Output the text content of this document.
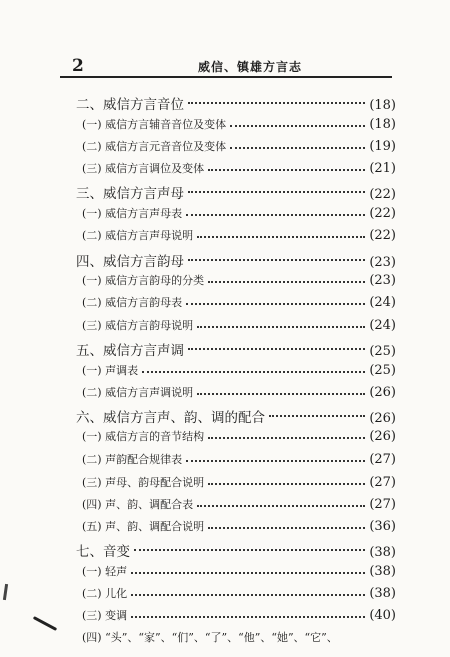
2	威信、镇雄方言志
二、威信方言音位	(18)
(一) 威信方言辅音音位及变体	(18)
(二) 威信方言元音音位及变体	(19)
(三) 威信方言调位及变体	(21)
三、威信方言声母	(22)
(一) 威信方言声母表	(22)
(二) 威信方言声母说明	(22)
四、威信方言韵母	(23)
(一) 威信方言韵母的分类	(23)
(二) 威信方言韵母表	(24)
(三) 威信方言韵母说明	(24)
五、威信方言声调	(25)
(一) 声调表	(25)
(二) 威信方言声调说明	(26)
六、威信方言声、韵、调的配合	(26)
(一) 威信方言的音节结构	(26)
(二) 声韵配合规律表	(27)
(三) 声母、韵母配合说明	(27)
(四) 声、韵、调配合表	(27)
(五) 声、韵、调配合说明	(36)
七、音变	(38)
(一) 轻声	(38)
(二) 儿化	(38)
(三) 变调	(40)
(四) “头”、“家”、“们”、“了”、“他”、“她”、“它”、
